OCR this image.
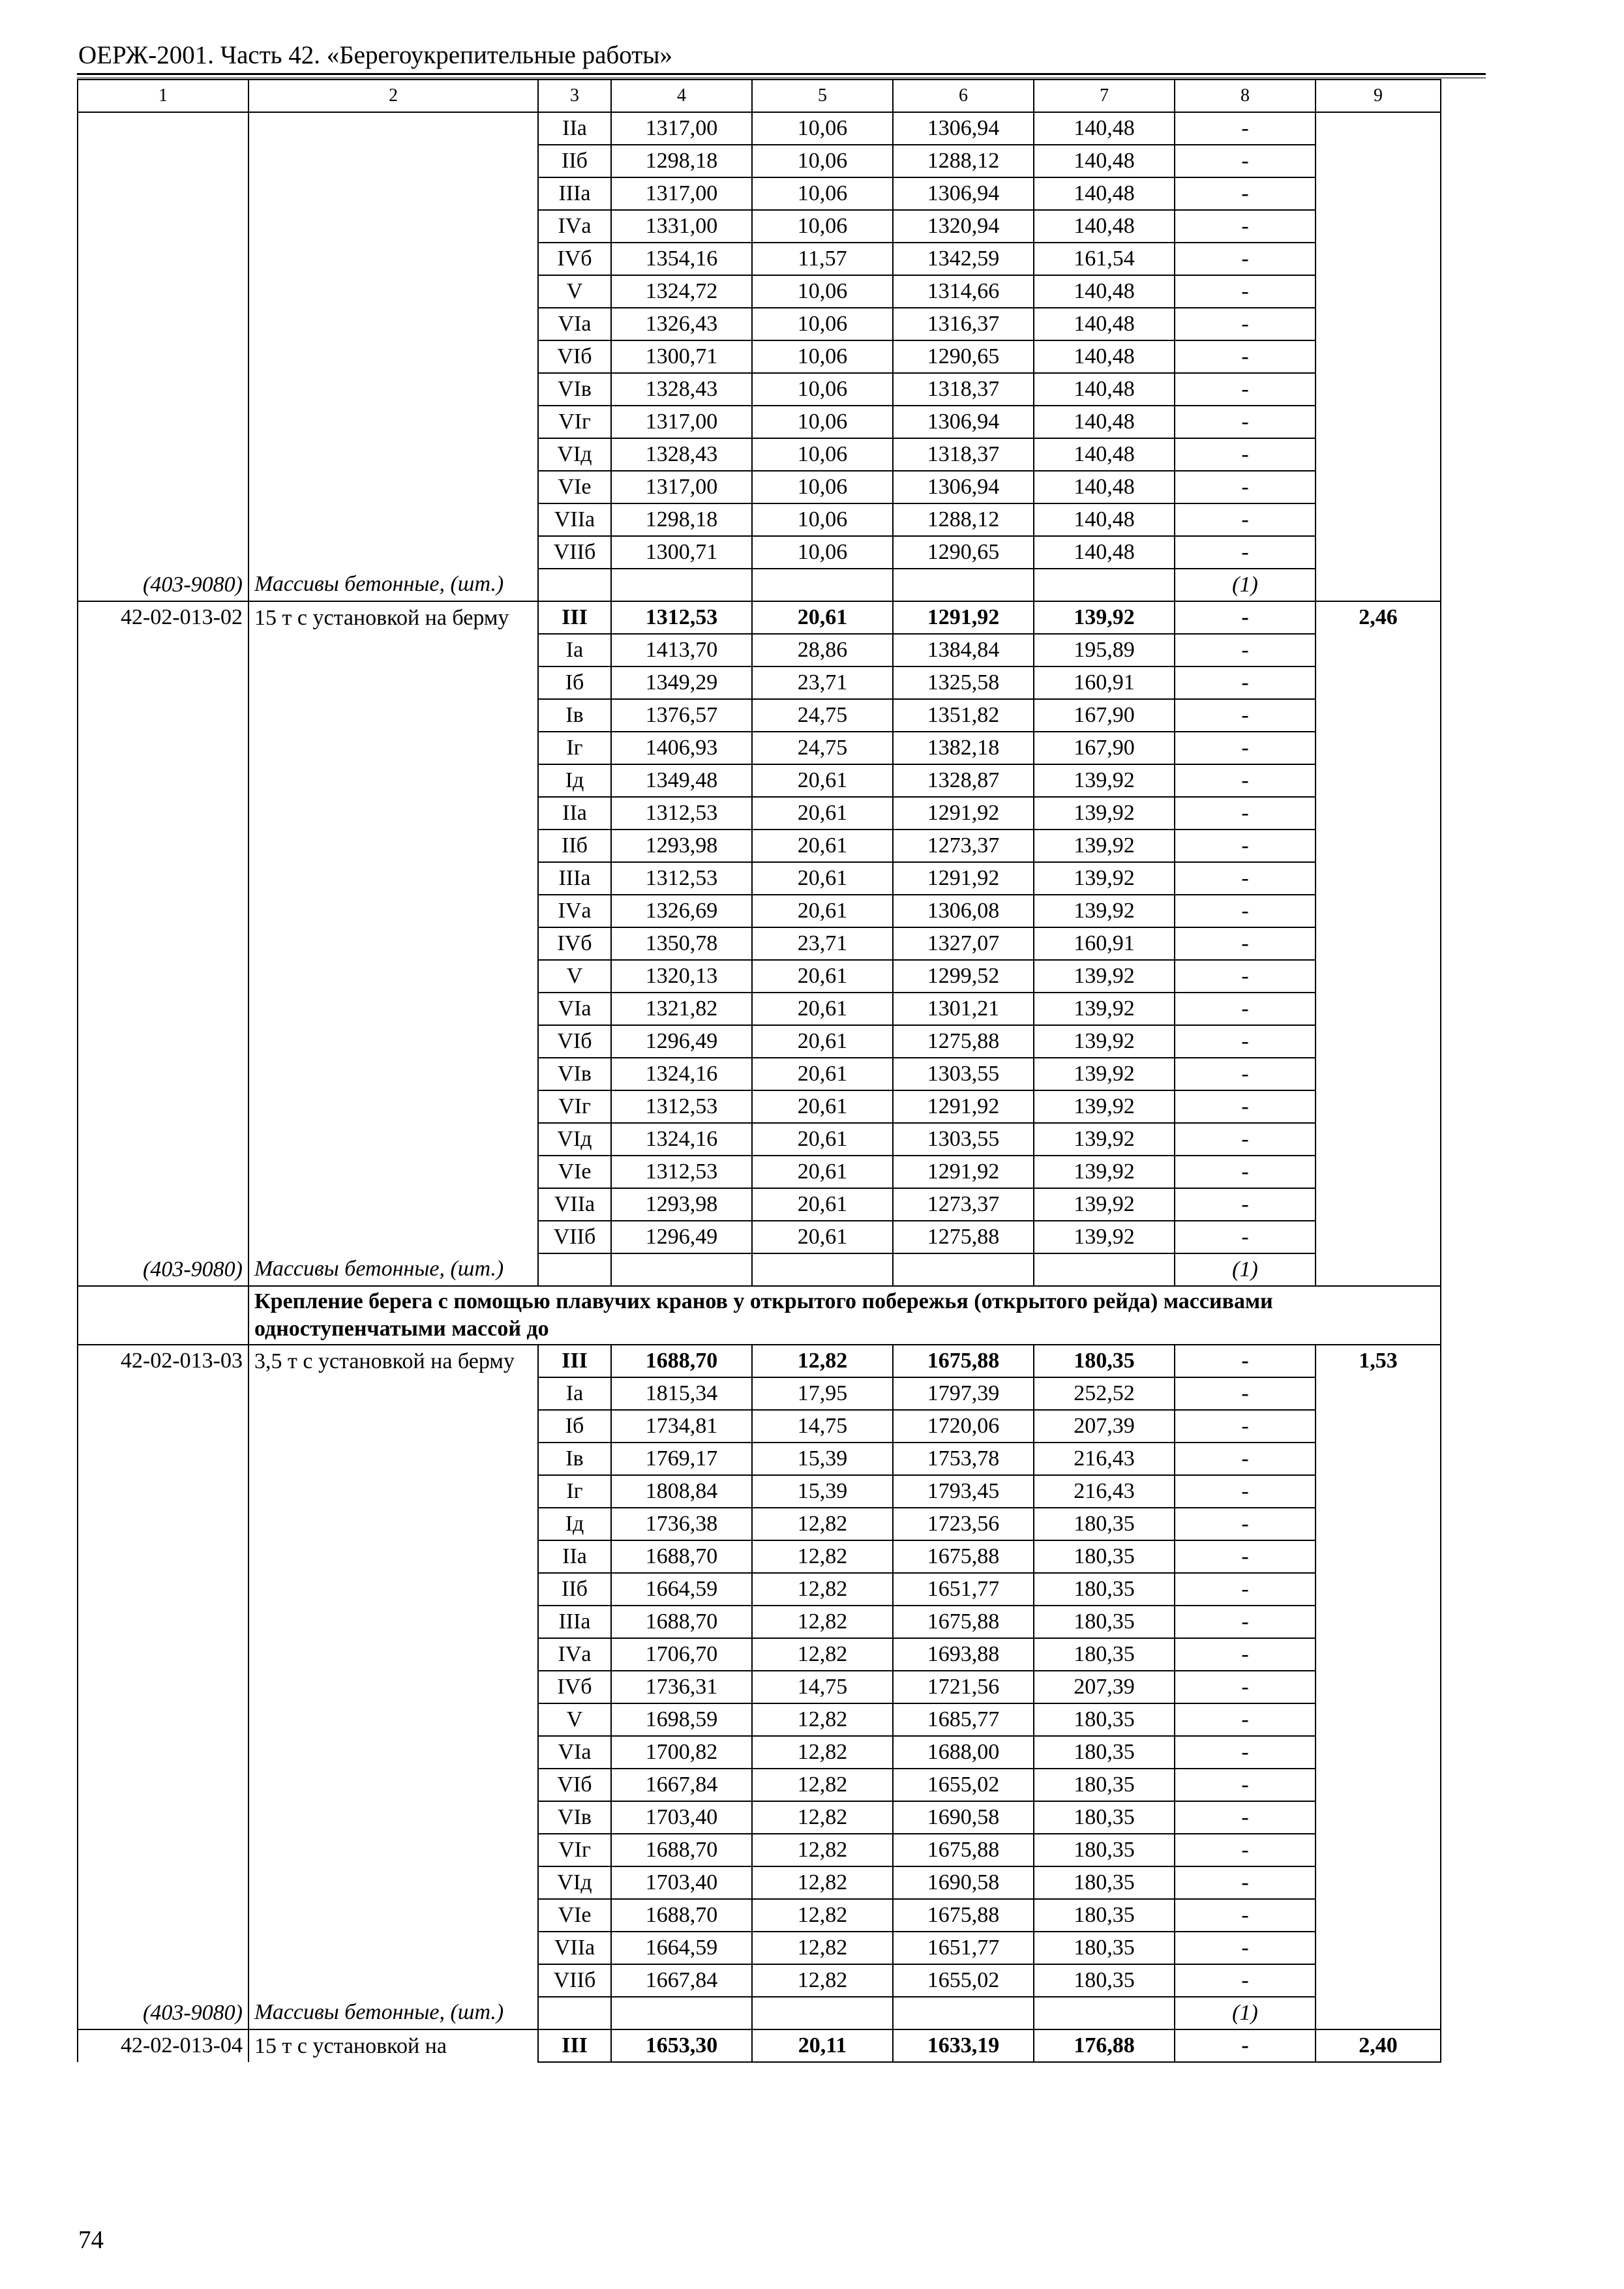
ОЕРЖ-2001. Часть 42. «Берегоукрепительные работы»
1	2	3	4	5	6	7	8	9
		IIа	1317,00	10,06	1306,94	140,48	-	
		IIб	1298,18	10,06	1288,12	140,48	-	
		IIIа	1317,00	10,06	1306,94	140,48	-	
		IVа	1331,00	10,06	1320,94	140,48	-	
		IVб	1354,16	11,57	1342,59	161,54	-	
		V	1324,72	10,06	1314,66	140,48	-	
		VIа	1326,43	10,06	1316,37	140,48	-	
		VIб	1300,71	10,06	1290,65	140,48	-	
		VIв	1328,43	10,06	1318,37	140,48	-	
		VIг	1317,00	10,06	1306,94	140,48	-	
		VIд	1328,43	10,06	1318,37	140,48	-	
		VIе	1317,00	10,06	1306,94	140,48	-	
		VIIа	1298,18	10,06	1288,12	140,48	-	
		VIIб	1300,71	10,06	1290,65	140,48	-	
(403-9080)	Массивы бетонные, (шт.)						(1)	
42-02-013-02	15 т с установкой на берму	III	1312,53	20,61	1291,92	139,92	-	2,46
		Iа	1413,70	28,86	1384,84	195,89	-	
		Iб	1349,29	23,71	1325,58	160,91	-	
		Iв	1376,57	24,75	1351,82	167,90	-	
		Iг	1406,93	24,75	1382,18	167,90	-	
		Iд	1349,48	20,61	1328,87	139,92	-	
		IIа	1312,53	20,61	1291,92	139,92	-	
		IIб	1293,98	20,61	1273,37	139,92	-	
		IIIа	1312,53	20,61	1291,92	139,92	-	
		IVа	1326,69	20,61	1306,08	139,92	-	
		IVб	1350,78	23,71	1327,07	160,91	-	
		V	1320,13	20,61	1299,52	139,92	-	
		VIа	1321,82	20,61	1301,21	139,92	-	
		VIб	1296,49	20,61	1275,88	139,92	-	
		VIв	1324,16	20,61	1303,55	139,92	-	
		VIг	1312,53	20,61	1291,92	139,92	-	
		VIд	1324,16	20,61	1303,55	139,92	-	
		VIе	1312,53	20,61	1291,92	139,92	-	
		VIIа	1293,98	20,61	1273,37	139,92	-	
		VIIб	1296,49	20,61	1275,88	139,92	-	
(403-9080)	Массивы бетонные, (шт.)						(1)	
	Крепление берега с помощью плавучих кранов у открытого побережья (открытого рейда) массивами одноступенчатыми массой до							
42-02-013-03	3,5 т с установкой на берму	III	1688,70	12,82	1675,88	180,35	-	1,53
		Iа	1815,34	17,95	1797,39	252,52	-	
		Iб	1734,81	14,75	1720,06	207,39	-	
		Iв	1769,17	15,39	1753,78	216,43	-	
		Iг	1808,84	15,39	1793,45	216,43	-	
		Iд	1736,38	12,82	1723,56	180,35	-	
		IIа	1688,70	12,82	1675,88	180,35	-	
		IIб	1664,59	12,82	1651,77	180,35	-	
		IIIа	1688,70	12,82	1675,88	180,35	-	
		IVа	1706,70	12,82	1693,88	180,35	-	
		IVб	1736,31	14,75	1721,56	207,39	-	
		V	1698,59	12,82	1685,77	180,35	-	
		VIа	1700,82	12,82	1688,00	180,35	-	
		VIб	1667,84	12,82	1655,02	180,35	-	
		VIв	1703,40	12,82	1690,58	180,35	-	
		VIг	1688,70	12,82	1675,88	180,35	-	
		VIд	1703,40	12,82	1690,58	180,35	-	
		VIе	1688,70	12,82	1675,88	180,35	-	
		VIIа	1664,59	12,82	1651,77	180,35	-	
		VIIб	1667,84	12,82	1655,02	180,35	-	
(403-9080)	Массивы бетонные, (шт.)						(1)	
42-02-013-04	15 т с установкой на	III	1653,30	20,11	1633,19	176,88	-	2,40
74
